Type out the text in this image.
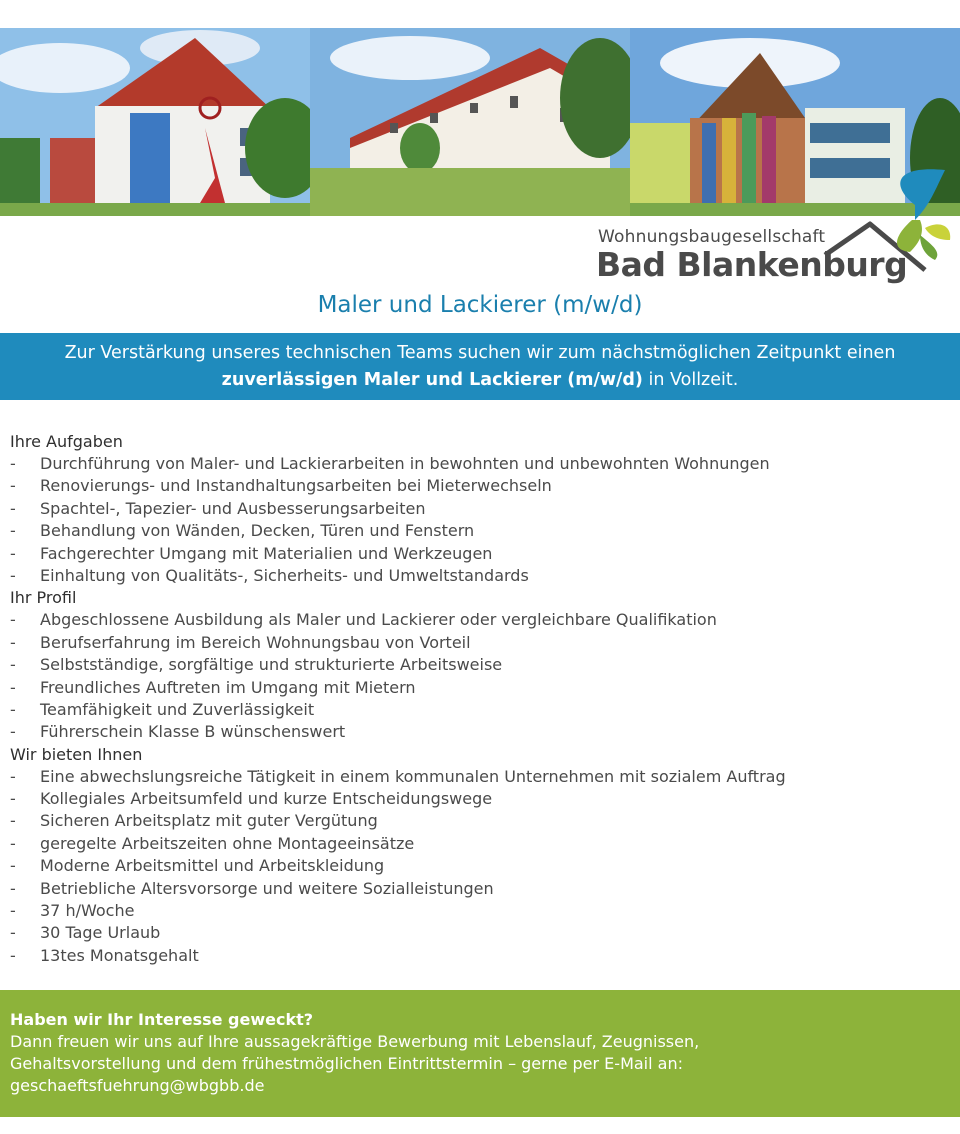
Wohnungsbaugesellschaft
Bad Blankenburg
Maler und Lackierer (m/w/d)
Zur Verstärkung unseres technischen Teams suchen wir zum nächstmöglichen Zeitpunkt einen
zuverlässigen Maler und Lackierer (m/w/d) in Vollzeit.
Ihre Aufgaben
- Durchführung von Maler- und Lackierarbeiten in bewohnten und unbewohnten Wohnungen
- Renovierungs- und Instandhaltungsarbeiten bei Mieterwechseln
- Spachtel-, Tapezier- und Ausbesserungsarbeiten
- Behandlung von Wänden, Decken, Türen und Fenstern
- Fachgerechter Umgang mit Materialien und Werkzeugen
- Einhaltung von Qualitäts-, Sicherheits- und Umweltstandards
Ihr Profil
- Abgeschlossene Ausbildung als Maler und Lackierer oder vergleichbare Qualifikation
- Berufserfahrung im Bereich Wohnungsbau von Vorteil
- Selbstständige, sorgfältige und strukturierte Arbeitsweise
- Freundliches Auftreten im Umgang mit Mietern
- Teamfähigkeit und Zuverlässigkeit
- Führerschein Klasse B wünschenswert
Wir bieten Ihnen
- Eine abwechslungsreiche Tätigkeit in einem kommunalen Unternehmen mit sozialem Auftrag
- Kollegiales Arbeitsumfeld und kurze Entscheidungswege
- Sicheren Arbeitsplatz mit guter Vergütung
- geregelte Arbeitszeiten ohne Montageeinsätze
- Moderne Arbeitsmittel und Arbeitskleidung
- Betriebliche Altersvorsorge und weitere Sozialleistungen
- 37 h/Woche
- 30 Tage Urlaub
- 13tes Monatsgehalt
Haben wir Ihr Interesse geweckt?
Dann freuen wir uns auf Ihre aussagekräftige Bewerbung mit Lebenslauf, Zeugnissen,
Gehaltsvorstellung und dem frühestmöglichen Eintrittstermin – gerne per E-Mail an:
geschaeftsfuehrung@wbgbb.de
